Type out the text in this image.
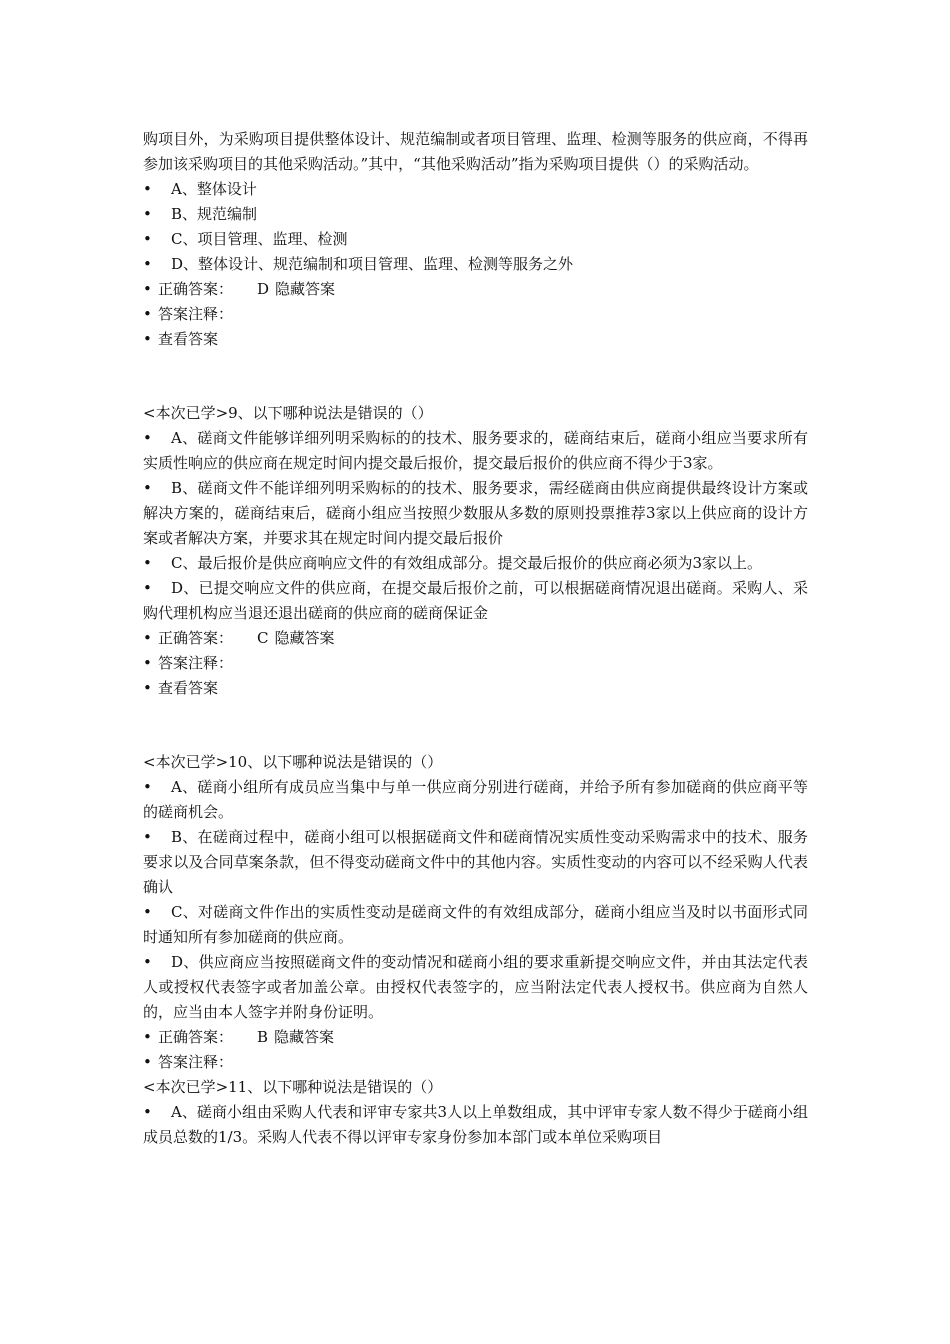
购项目外，为采购项目提供整体设计、规范编制或者项目管理、监理、检测等服务的供应商，不得再参加该采购项目的其他采购活动。”其中，“其他采购活动”指为采购项目提供（）的采购活动。

• A、整体设计

• B、规范编制

• C、项目管理、监理、检测

• D、整体设计、规范编制和项目管理、监理、检测等服务之外

• 正确答案： D 隐藏答案

• 答案注释：

• 查看答案

<本次已学>9、以下哪种说法是错误的（）

• A、磋商文件能够详细列明采购标的的技术、服务要求的，磋商结束后，磋商小组应当要求所有实质性响应的供应商在规定时间内提交最后报价，提交最后报价的供应商不得少于3家。

• B、磋商文件不能详细列明采购标的的技术、服务要求，需经磋商由供应商提供最终设计方案或解决方案的，磋商结束后，磋商小组应当按照少数服从多数的原则投票推荐3家以上供应商的设计方案或者解决方案，并要求其在规定时间内提交最后报价

• C、最后报价是供应商响应文件的有效组成部分。提交最后报价的供应商必须为3家以上。

• D、已提交响应文件的供应商，在提交最后报价之前，可以根据磋商情况退出磋商。采购人、采购代理机构应当退还退出磋商的供应商的磋商保证金

• 正确答案： C 隐藏答案

• 答案注释：

• 查看答案

<本次已学>10、以下哪种说法是错误的（）

• A、磋商小组所有成员应当集中与单一供应商分别进行磋商，并给予所有参加磋商的供应商平等的磋商机会。

• B、在磋商过程中，磋商小组可以根据磋商文件和磋商情况实质性变动采购需求中的技术、服务要求以及合同草案条款，但不得变动磋商文件中的其他内容。实质性变动的内容可以不经采购人代表确认

• C、对磋商文件作出的实质性变动是磋商文件的有效组成部分，磋商小组应当及时以书面形式同时通知所有参加磋商的供应商。

• D、供应商应当按照磋商文件的变动情况和磋商小组的要求重新提交响应文件，并由其法定代表人或授权代表签字或者加盖公章。由授权代表签字的，应当附法定代表人授权书。供应商为自然人的，应当由本人签字并附身份证明。

• 正确答案： B 隐藏答案

• 答案注释：

<本次已学>11、以下哪种说法是错误的（）

• A、磋商小组由采购人代表和评审专家共3人以上单数组成，其中评审专家人数不得少于磋商小组成员总数的1/3。采购人代表不得以评审专家身份参加本部门或本单位采购项目
